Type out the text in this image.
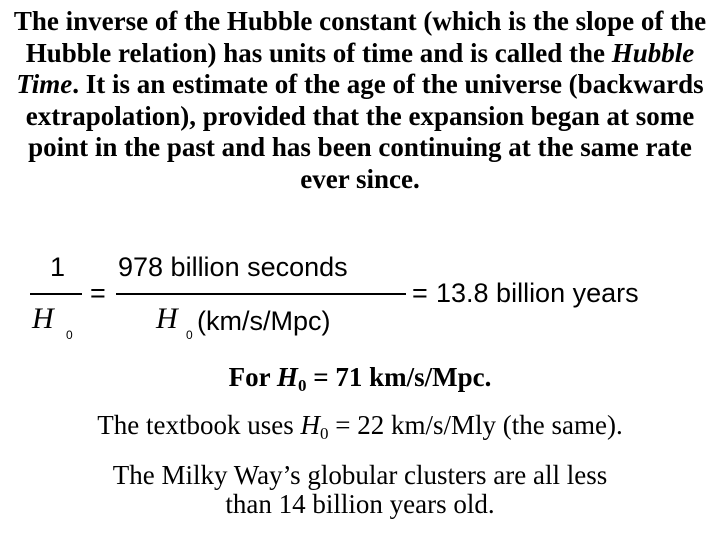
The inverse of the Hubble constant (which is the slope of the Hubble relation) has units of time and is called the Hubble Time. It is an estimate of the age of the universe (backwards extrapolation), provided that the expansion began at some point in the past and has been continuing at the same rate ever since.
1
H 0
=
978 billion seconds
H 0 (km/s/Mpc)
= 13.8 billion years
For $H_0 = 71$ km/s/Mpc.
The textbook uses $H_0 = 22$ km/s/Mly (the same).
The Milky Way’s globular clusters are all less
than 14 billion years old.
